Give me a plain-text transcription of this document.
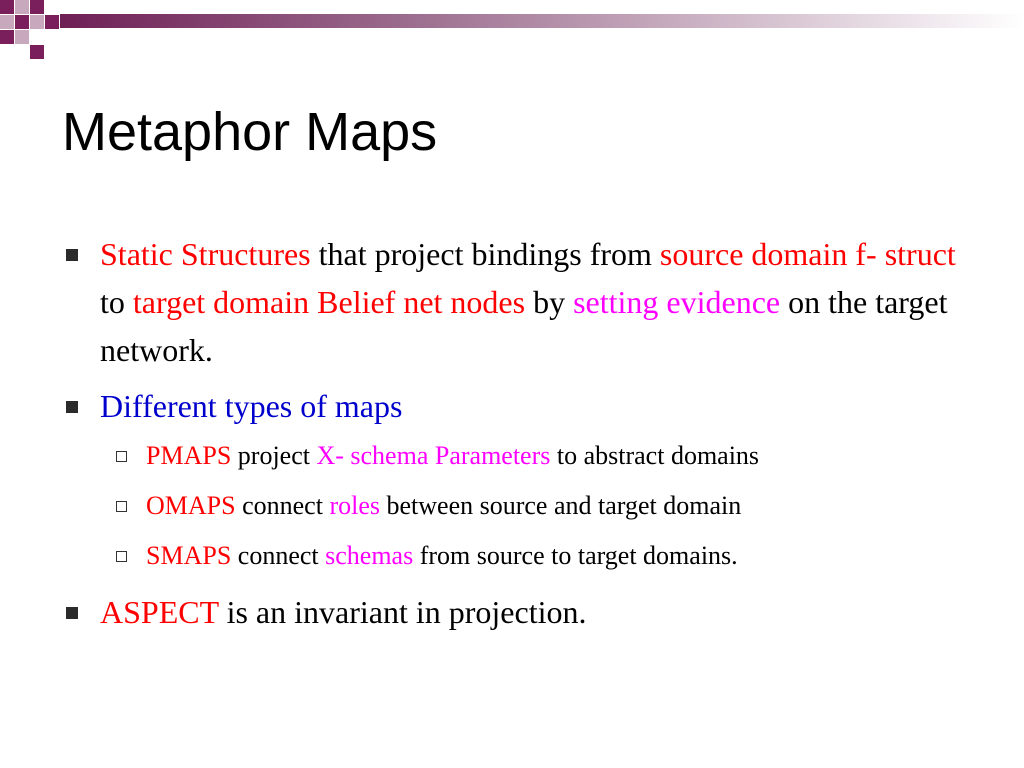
Metaphor Maps
Static Structures that project bindings from source domain f- struct to target domain Belief net nodes by setting evidence on the target network.
Different types of maps
PMAPS project X- schema Parameters to abstract domains
OMAPS connect roles between source and target domain
SMAPS connect schemas from source to target domains.
ASPECT is an invariant in projection.
